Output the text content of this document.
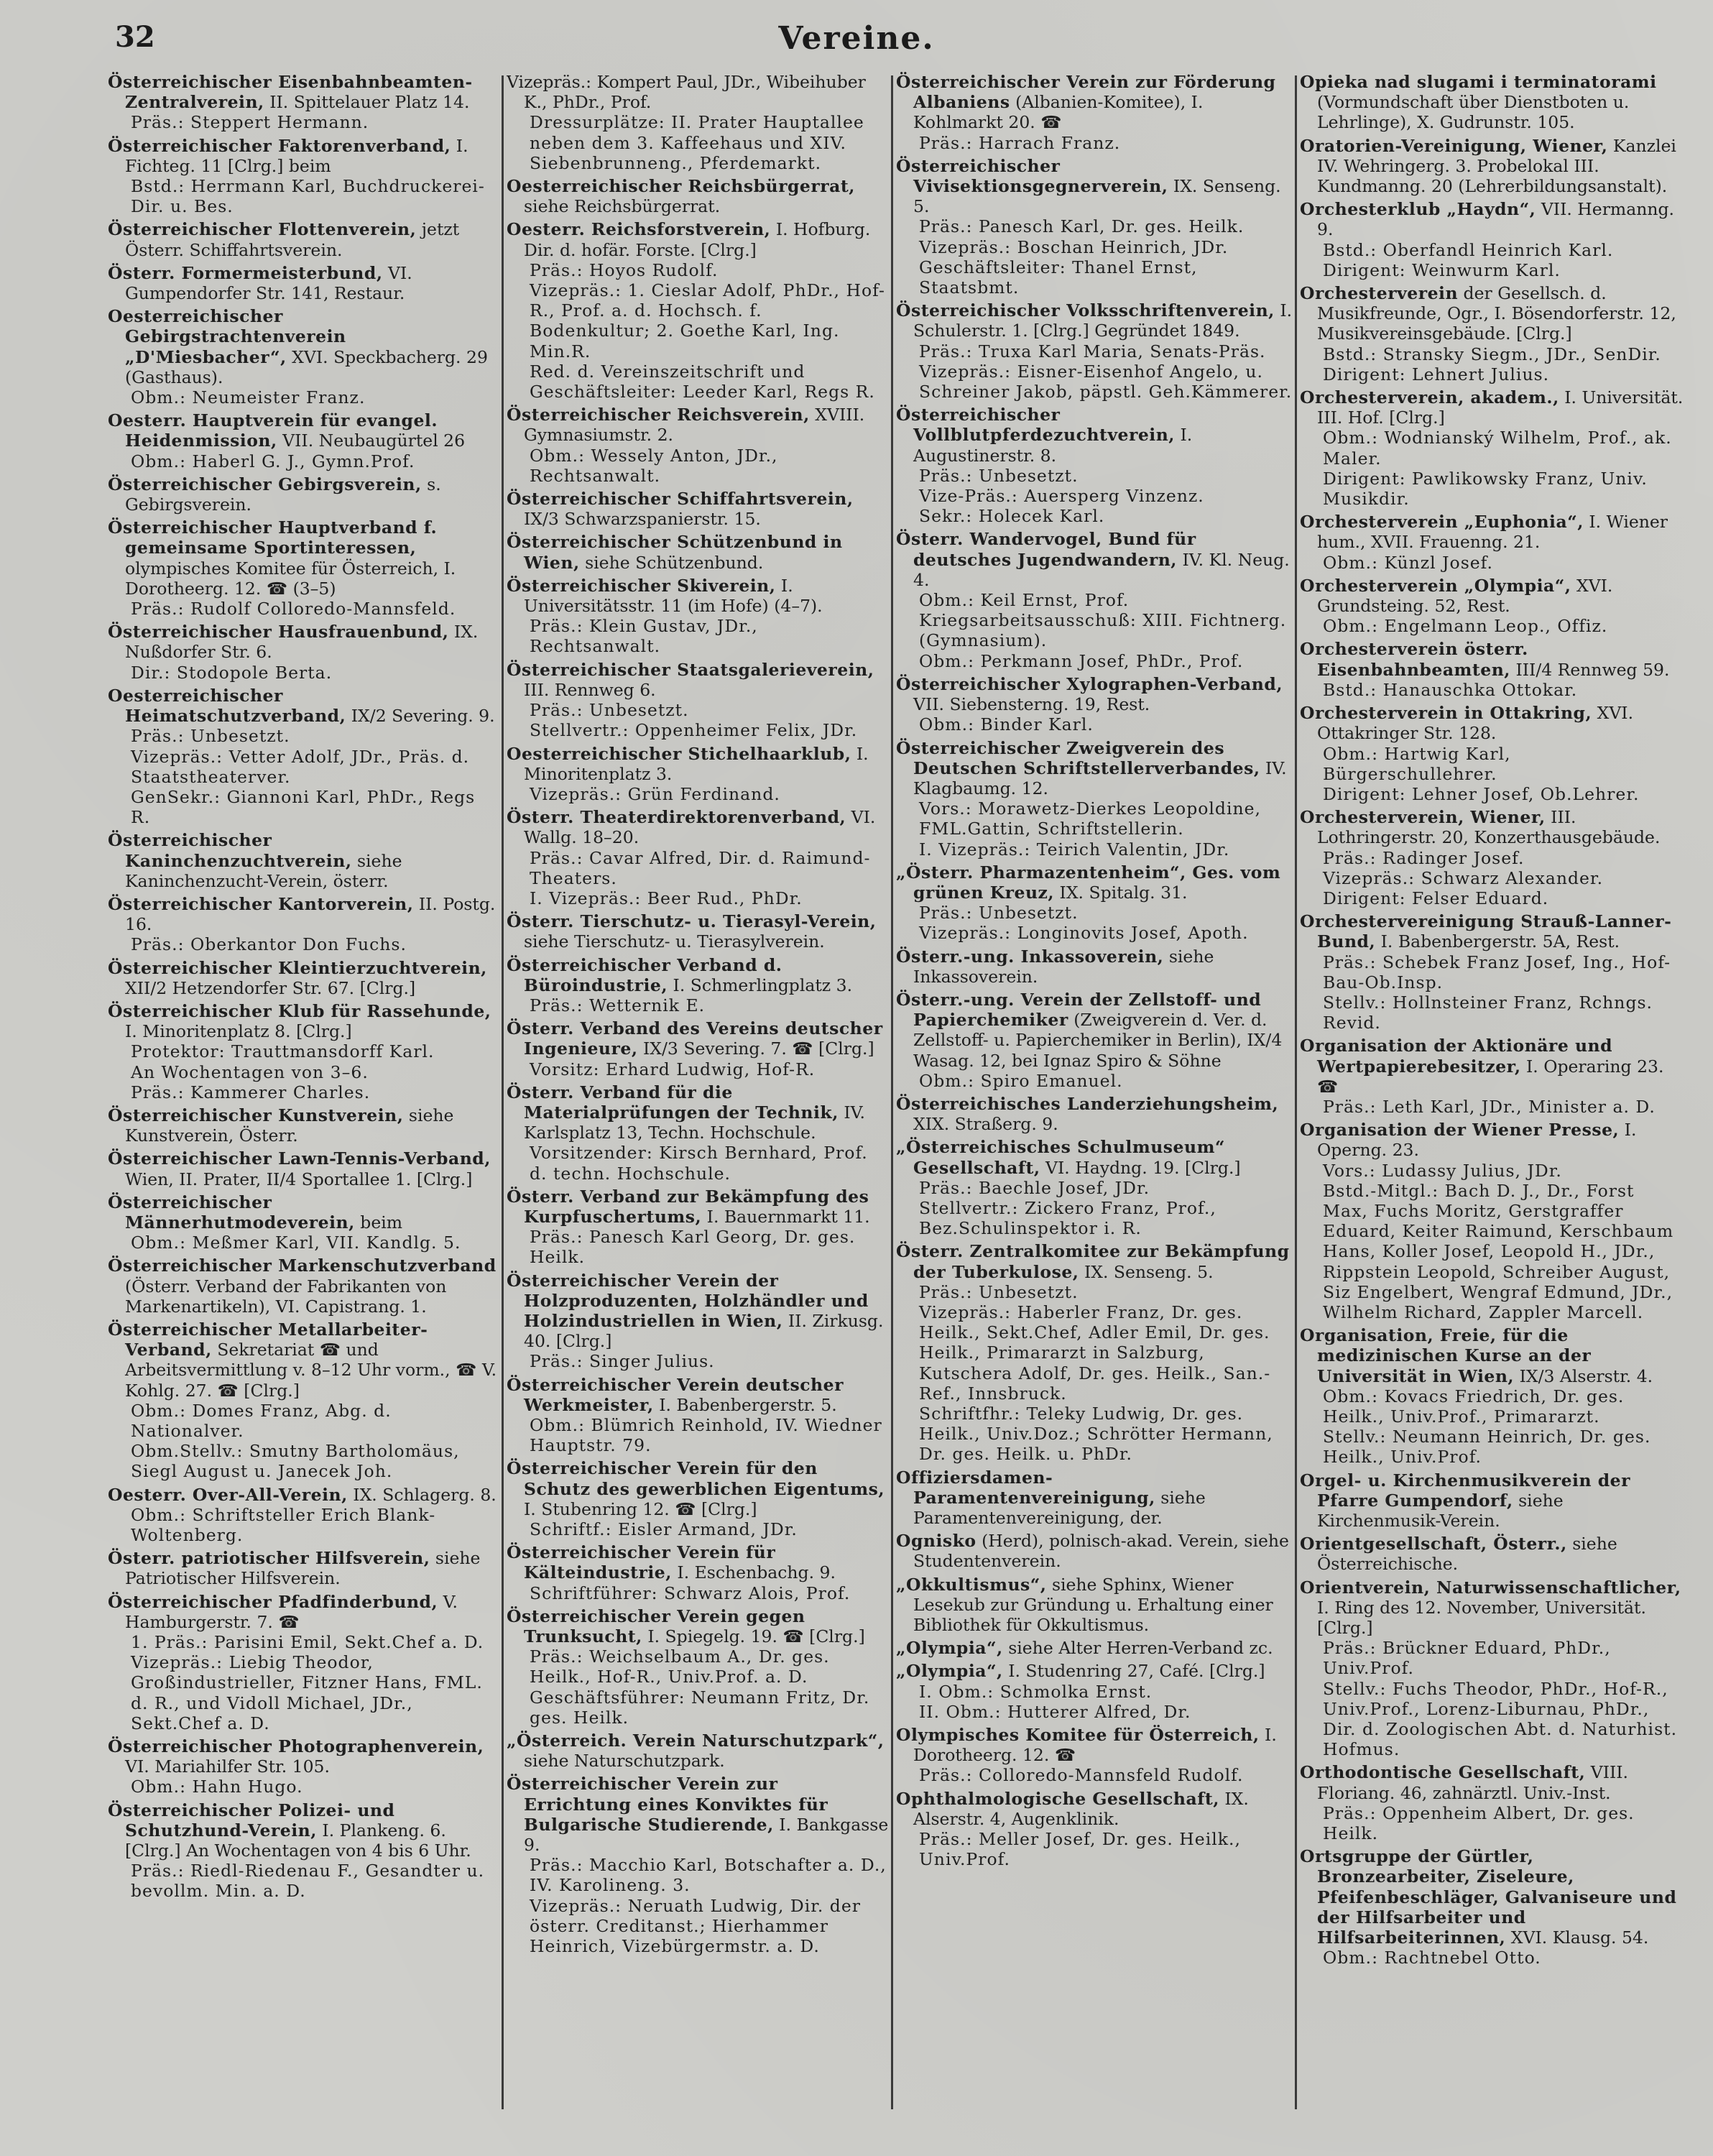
32	Vereine.

Österreichischer Eisenbahnbeamten-Zentralverein, II. Spittelauer Platz 14.

Präs.: Steppert Hermann.

Österreichischer Faktorenverband, I. Fichteg. 11 [Clrg.] beim

Bstd.: Herrmann Karl, Buchdruckerei-Dir. u. Bes.

Österreichischer Flottenverein, jetzt Österr. Schiffahrtsverein.

Österr. Formermeisterbund, VI. Gumpendorfer Str. 141, Restaur.

Oesterreichischer Gebirgstrachtenverein „D'Miesbacher“, XVI. Speckbacherg. 29 (Gasthaus).

Obm.: Neumeister Franz.

Oesterr. Hauptverein für evangel. Heidenmission, VII. Neubaugürtel 26

Obm.: Haberl G. J., Gymn.Prof.

Österreichischer Gebirgsverein, s. Gebirgsverein.

Österreichischer Hauptverband f. gemeinsame Sportinteressen, olympisches Komitee für Österreich, I. Dorotheerg. 12. ☎ (3–5)

Präs.: Rudolf Colloredo-Mannsfeld.

Österreichischer Hausfrauenbund, IX. Nußdorfer Str. 6.

Dir.: Stodopole Berta.

Oesterreichischer Heimatschutzverband, IX/2 Severing. 9.

Präs.: Unbesetzt.

Vizepräs.: Vetter Adolf, JDr., Präs. d. Staatstheaterver.

GenSekr.: Giannoni Karl, PhDr., Regs R.

Österreichischer Kaninchenzuchtverein, siehe Kaninchenzucht-Verein, österr.

Österreichischer Kantorverein, II. Postg. 16.

Präs.: Oberkantor Don Fuchs.

Österreichischer Kleintierzuchtverein, XII/2 Hetzendorfer Str. 67. [Clrg.]

Österreichischer Klub für Rassehunde, I. Minoritenplatz 8. [Clrg.]

Protektor: Trauttmansdorff Karl.

An Wochentagen von 3–6.

Präs.: Kammerer Charles.

Österreichischer Kunstverein, siehe Kunstverein, Österr.

Österreichischer Lawn-Tennis-Verband, Wien, II. Prater, II/4 Sportallee 1. [Clrg.]

Österreichischer Männerhutmodeverein, beim

Obm.: Meßmer Karl, VII. Kandlg. 5.

Österreichischer Markenschutzverband (Österr. Verband der Fabrikanten von Markenartikeln), VI. Capistrang. 1.

Österreichischer Metallarbeiter-Verband, Sekretariat ☎ und Arbeitsvermittlung v. 8–12 Uhr vorm., ☎ V. Kohlg. 27. ☎ [Clrg.]

Obm.: Domes Franz, Abg. d. Nationalver.

Obm.Stellv.: Smutny Bartholomäus, Siegl August u. Janecek Joh.

Oesterr. Over-All-Verein, IX. Schlagerg. 8.

Obm.: Schriftsteller Erich Blank-Woltenberg.

Österr. patriotischer Hilfsverein, siehe Patriotischer Hilfsverein.

Österreichischer Pfadfinderbund, V. Hamburgerstr. 7. ☎

1. Präs.: Parisini Emil, Sekt.Chef a. D.

Vizepräs.: Liebig Theodor, Großindustrieller, Fitzner Hans, FML. d. R., und Vidoll Michael, JDr., Sekt.Chef a. D.

Österreichischer Photographenverein, VI. Mariahilfer Str. 105.

Obm.: Hahn Hugo.

Österreichischer Polizei- und Schutzhund-Verein, I. Plankeng. 6. [Clrg.] An Wochentagen von 4 bis 6 Uhr.

Präs.: Riedl-Riedenau F., Gesandter u. bevollm. Min. a. D.

Vizepräs.: Kompert Paul, JDr., Wibeihuber K., PhDr., Prof.

Dressurplätze: II. Prater Hauptallee neben dem 3. Kaffeehaus und XIV. Siebenbrunneng., Pferdemarkt.

Oesterreichischer Reichsbürgerrat, siehe Reichsbürgerrat.

Oesterr. Reichsforstverein, I. Hofburg. Dir. d. hofär. Forste. [Clrg.]

Präs.: Hoyos Rudolf.

Vizepräs.: 1. Cieslar Adolf, PhDr., Hof-R., Prof. a. d. Hochsch. f. Bodenkultur; 2. Goethe Karl, Ing. Min.R.

Red. d. Vereinszeitschrift und Geschäftsleiter: Leeder Karl, Regs R.

Österreichischer Reichsverein, XVIII. Gymnasiumstr. 2.

Obm.: Wessely Anton, JDr., Rechtsanwalt.

Österreichischer Schiffahrtsverein, IX/3 Schwarzspanierstr. 15.

Österreichischer Schützenbund in Wien, siehe Schützenbund.

Österreichischer Skiverein, I. Universitätsstr. 11 (im Hofe) (4–7).

Präs.: Klein Gustav, JDr., Rechtsanwalt.

Österreichischer Staatsgalerieverein, III. Rennweg 6.

Präs.: Unbesetzt.

Stellvertr.: Oppenheimer Felix, JDr.

Oesterreichischer Stichelhaarklub, I. Minoritenplatz 3.

Vizepräs.: Grün Ferdinand.

Österr. Theaterdirektorenverband, VI. Wallg. 18–20.

Präs.: Cavar Alfred, Dir. d. Raimund-Theaters.

I. Vizepräs.: Beer Rud., PhDr.

Österr. Tierschutz- u. Tierasyl-Verein, siehe Tierschutz- u. Tierasylverein.

Österreichischer Verband d. Büroindustrie, I. Schmerlingplatz 3.

Präs.: Wetternik E.

Österr. Verband des Vereins deutscher Ingenieure, IX/3 Severing. 7. ☎ [Clrg.]

Vorsitz: Erhard Ludwig, Hof-R.

Österr. Verband für die Materialprüfungen der Technik, IV. Karlsplatz 13, Techn. Hochschule.

Vorsitzender: Kirsch Bernhard, Prof. d. techn. Hochschule.

Österr. Verband zur Bekämpfung des Kurpfuschertums, I. Bauernmarkt 11.

Präs.: Panesch Karl Georg, Dr. ges. Heilk.

Österreichischer Verein der Holzproduzenten, Holzhändler und Holzindustriellen in Wien, II. Zirkusg. 40. [Clrg.]

Präs.: Singer Julius.

Österreichischer Verein deutscher Werkmeister, I. Babenbergerstr. 5.

Obm.: Blümrich Reinhold, IV. Wiedner Hauptstr. 79.

Österreichischer Verein für den Schutz des gewerblichen Eigentums, I. Stubenring 12. ☎ [Clrg.]

Schriftf.: Eisler Armand, JDr.

Österreichischer Verein für Kälteindustrie, I. Eschenbachg. 9.

Schriftführer: Schwarz Alois, Prof.

Österreichischer Verein gegen Trunksucht, I. Spiegelg. 19. ☎ [Clrg.]

Präs.: Weichselbaum A., Dr. ges. Heilk., Hof-R., Univ.Prof. a. D.

Geschäftsführer: Neumann Fritz, Dr. ges. Heilk.

„Österreich. Verein Naturschutzpark“, siehe Naturschutzpark.

Österreichischer Verein zur Errichtung eines Konviktes für Bulgarische Studierende, I. Bankgasse 9.

Präs.: Macchio Karl, Botschafter a. D., IV. Karolineng. 3.

Vizepräs.: Neruath Ludwig, Dir. der österr. Creditanst.; Hierhammer Heinrich, Vizebürgermstr. a. D.

Österreichischer Verein zur Förderung Albaniens (Albanien-Komitee), I. Kohlmarkt 20. ☎

Präs.: Harrach Franz.

Österreichischer Vivisektionsgegnerverein, IX. Senseng. 5.

Präs.: Panesch Karl, Dr. ges. Heilk.

Vizepräs.: Boschan Heinrich, JDr.

Geschäftsleiter: Thanel Ernst, Staatsbmt.

Österreichischer Volksschriftenverein, I. Schulerstr. 1. [Clrg.] Gegründet 1849.

Präs.: Truxa Karl Maria, Senats-Präs.

Vizepräs.: Eisner-Eisenhof Angelo, u. Schreiner Jakob, päpstl. Geh.Kämmerer.

Österreichischer Vollblutpferdezuchtverein, I. Augustinerstr. 8.

Präs.: Unbesetzt.

Vize-Präs.: Auersperg Vinzenz.

Sekr.: Holecek Karl.

Österr. Wandervogel, Bund für deutsches Jugendwandern, IV. Kl. Neug. 4.

Obm.: Keil Ernst, Prof.

Kriegsarbeitsausschuß: XIII. Fichtnerg. (Gymnasium).

Obm.: Perkmann Josef, PhDr., Prof.

Österreichischer Xylographen-Verband, VII. Siebensterng. 19, Rest.

Obm.: Binder Karl.

Österreichischer Zweigverein des Deutschen Schriftstellerverbandes, IV. Klagbaumg. 12.

Vors.: Morawetz-Dierkes Leopoldine, FML.Gattin, Schriftstellerin.

I. Vizepräs.: Teirich Valentin, JDr.

„Österr. Pharmazentenheim“, Ges. vom grünen Kreuz, IX. Spitalg. 31.

Präs.: Unbesetzt.

Vizepräs.: Longinovits Josef, Apoth.

Österr.-ung. Inkassoverein, siehe Inkassoverein.

Österr.-ung. Verein der Zellstoff- und Papierchemiker (Zweigverein d. Ver. d. Zellstoff- u. Papierchemiker in Berlin), IX/4 Wasag. 12, bei Ignaz Spiro & Söhne

Obm.: Spiro Emanuel.

Österreichisches Landerziehungsheim, XIX. Straßerg. 9.

„Österreichisches Schulmuseum“ Gesellschaft, VI. Haydng. 19. [Clrg.]

Präs.: Baechle Josef, JDr.

Stellvertr.: Zickero Franz, Prof., Bez.Schulinspektor i. R.

Österr. Zentralkomitee zur Bekämpfung der Tuberkulose, IX. Senseng. 5.

Präs.: Unbesetzt.

Vizepräs.: Haberler Franz, Dr. ges. Heilk., Sekt.Chef, Adler Emil, Dr. ges. Heilk., Primararzt in Salzburg, Kutschera Adolf, Dr. ges. Heilk., San.-Ref., Innsbruck.

Schriftfhr.: Teleky Ludwig, Dr. ges. Heilk., Univ.Doz.; Schrötter Hermann, Dr. ges. Heilk. u. PhDr.

Offiziersdamen-Paramentenvereinigung, siehe Paramentenvereinigung, der.

Ognisko (Herd), polnisch-akad. Verein, siehe Studentenverein.

„Okkultismus“, siehe Sphinx, Wiener Lesekub zur Gründung u. Erhaltung einer Bibliothek für Okkultismus.

„Olympia“, siehe Alter Herren-Verband zc.

„Olympia“, I. Studenring 27, Café. [Clrg.]

I. Obm.: Schmolka Ernst.

II. Obm.: Hutterer Alfred, Dr.

Olympisches Komitee für Österreich, I. Dorotheerg. 12. ☎

Präs.: Colloredo-Mannsfeld Rudolf.

Ophthalmologische Gesellschaft, IX. Alserstr. 4, Augenklinik.

Präs.: Meller Josef, Dr. ges. Heilk., Univ.Prof.

Opieka nad slugami i terminatorami (Vormundschaft über Dienstboten u. Lehrlinge), X. Gudrunstr. 105.

Oratorien-Vereinigung, Wiener, Kanzlei IV. Wehringerg. 3. Probelokal III. Kundmanng. 20 (Lehrerbildungsanstalt).

Orchesterklub „Haydn“, VII. Hermanng. 9.

Bstd.: Oberfandl Heinrich Karl.

Dirigent: Weinwurm Karl.

Orchesterverein der Gesellsch. d. Musikfreunde, Ogr., I. Bösendorferstr. 12, Musikvereinsgebäude. [Clrg.]

Bstd.: Stransky Siegm., JDr., SenDir.

Dirigent: Lehnert Julius.

Orchesterverein, akadem., I. Universität. III. Hof. [Clrg.]

Obm.: Wodnianský Wilhelm, Prof., ak. Maler.

Dirigent: Pawlikowsky Franz, Univ. Musikdir.

Orchesterverein „Euphonia“, I. Wiener hum., XVII. Frauenng. 21.

Obm.: Künzl Josef.

Orchesterverein „Olympia“, XVI. Grundsteing. 52, Rest.

Obm.: Engelmann Leop., Offiz.

Orchesterverein österr. Eisenbahnbeamten, III/4 Rennweg 59.

Bstd.: Hanauschka Ottokar.

Orchesterverein in Ottakring, XVI. Ottakringer Str. 128.

Obm.: Hartwig Karl, Bürgerschullehrer.

Dirigent: Lehner Josef, Ob.Lehrer.

Orchesterverein, Wiener, III. Lothringerstr. 20, Konzerthausgebäude.

Präs.: Radinger Josef.

Vizepräs.: Schwarz Alexander.

Dirigent: Felser Eduard.

Orchestervereinigung Strauß-Lanner-Bund, I. Babenbergerstr. 5A, Rest.

Präs.: Schebek Franz Josef, Ing., Hof-Bau-Ob.Insp.

Stellv.: Hollnsteiner Franz, Rchngs. Revid.

Organisation der Aktionäre und Wertpapierebesitzer, I. Operaring 23. ☎

Präs.: Leth Karl, JDr., Minister a. D.

Organisation der Wiener Presse, I. Operng. 23.

Vors.: Ludassy Julius, JDr.

Bstd.-Mitgl.: Bach D. J., Dr., Forst Max, Fuchs Moritz, Gerstgraffer Eduard, Keiter Raimund, Kerschbaum Hans, Koller Josef, Leopold H., JDr., Rippstein Leopold, Schreiber August, Siz Engelbert, Wengraf Edmund, JDr., Wilhelm Richard, Zappler Marcell.

Organisation, Freie, für die medizinischen Kurse an der Universität in Wien, IX/3 Alserstr. 4.

Obm.: Kovacs Friedrich, Dr. ges. Heilk., Univ.Prof., Primararzt.

Stellv.: Neumann Heinrich, Dr. ges. Heilk., Univ.Prof.

Orgel- u. Kirchenmusikverein der Pfarre Gumpendorf, siehe Kirchenmusik-Verein.

Orientgesellschaft, Österr., siehe Österreichische.

Orientverein, Naturwissenschaftlicher, I. Ring des 12. November, Universität. [Clrg.]

Präs.: Brückner Eduard, PhDr., Univ.Prof.

Stellv.: Fuchs Theodor, PhDr., Hof-R., Univ.Prof., Lorenz-Liburnau, PhDr., Dir. d. Zoologischen Abt. d. Naturhist. Hofmus.

Orthodontische Gesellschaft, VIII. Floriang. 46, zahnärztl. Univ.-Inst.

Präs.: Oppenheim Albert, Dr. ges. Heilk.

Ortsgruppe der Gürtler, Bronzearbeiter, Ziseleure, Pfeifenbeschläger, Galvaniseure und der Hilfsarbeiter und Hilfsarbeiterinnen, XVI. Klausg. 54.

Obm.: Rachtnebel Otto.
